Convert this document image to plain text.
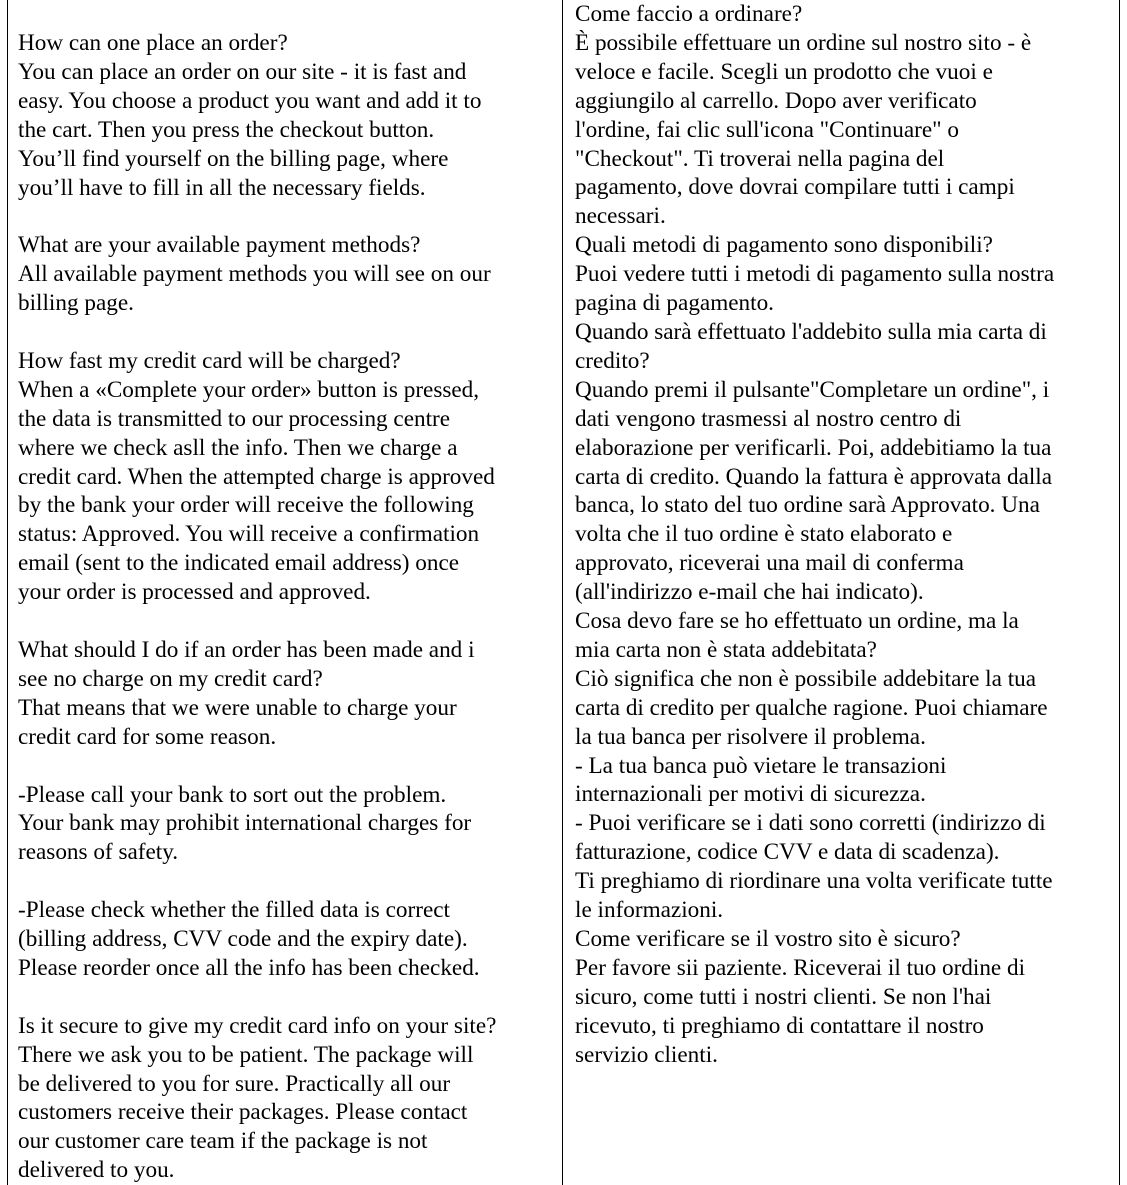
How can one place an order?
You can place an order on our site - it is fast and
easy. You choose a product you want and add it to
the cart. Then you press the checkout button.
You’ll find yourself on the billing page, where
you’ll have to fill in all the necessary fields.
What are your available payment methods?
All available payment methods you will see on our
billing page.
How fast my credit card will be charged?
When a «Complete your order» button is pressed,
the data is transmitted to our processing centre
where we check asll the info. Then we charge a
credit card. When the attempted charge is approved
by the bank your order will receive the following
status: Approved. You will receive a confirmation
email (sent to the indicated email address) once
your order is processed and approved.
What should I do if an order has been made and i
see no charge on my credit card?
That means that we were unable to charge your
credit card for some reason.
-Please call your bank to sort out the problem.
Your bank may prohibit international charges for
reasons of safety.
-Please check whether the filled data is correct
(billing address, CVV code and the expiry date).
Please reorder once all the info has been checked.
Is it secure to give my credit card info on your site?
There we ask you to be patient. The package will
be delivered to you for sure. Practically all our
customers receive their packages. Please contact
our customer care team if the package is not
delivered to you.
Come faccio a ordinare?
È possibile effettuare un ordine sul nostro sito - è
veloce e facile. Scegli un prodotto che vuoi e
aggiungilo al carrello. Dopo aver verificato
l'ordine, fai clic sull'icona "Continuare" o
"Checkout". Ti troverai nella pagina del
pagamento, dove dovrai compilare tutti i campi
necessari.
Quali metodi di pagamento sono disponibili?
Puoi vedere tutti i metodi di pagamento sulla nostra
pagina di pagamento.
Quando sarà effettuato l'addebito sulla mia carta di
credito?
Quando premi il pulsante"Completare un ordine", i
dati vengono trasmessi al nostro centro di
elaborazione per verificarli. Poi, addebitiamo la tua
carta di credito. Quando la fattura è approvata dalla
banca, lo stato del tuo ordine sarà Approvato. Una
volta che il tuo ordine è stato elaborato e
approvato, riceverai una mail di conferma
(all'indirizzo e-mail che hai indicato).
Cosa devo fare se ho effettuato un ordine, ma la
mia carta non è stata addebitata?
Ciò significa che non è possibile addebitare la tua
carta di credito per qualche ragione. Puoi chiamare
la tua banca per risolvere il problema.
- La tua banca può vietare le transazioni
internazionali per motivi di sicurezza.
- Puoi verificare se i dati sono corretti (indirizzo di
fatturazione, codice CVV e data di scadenza).
Ti preghiamo di riordinare una volta verificate tutte
le informazioni.
Come verificare se il vostro sito è sicuro?
Per favore sii paziente. Riceverai il tuo ordine di
sicuro, come tutti i nostri clienti. Se non l'hai
ricevuto, ti preghiamo di contattare il nostro
servizio clienti.
